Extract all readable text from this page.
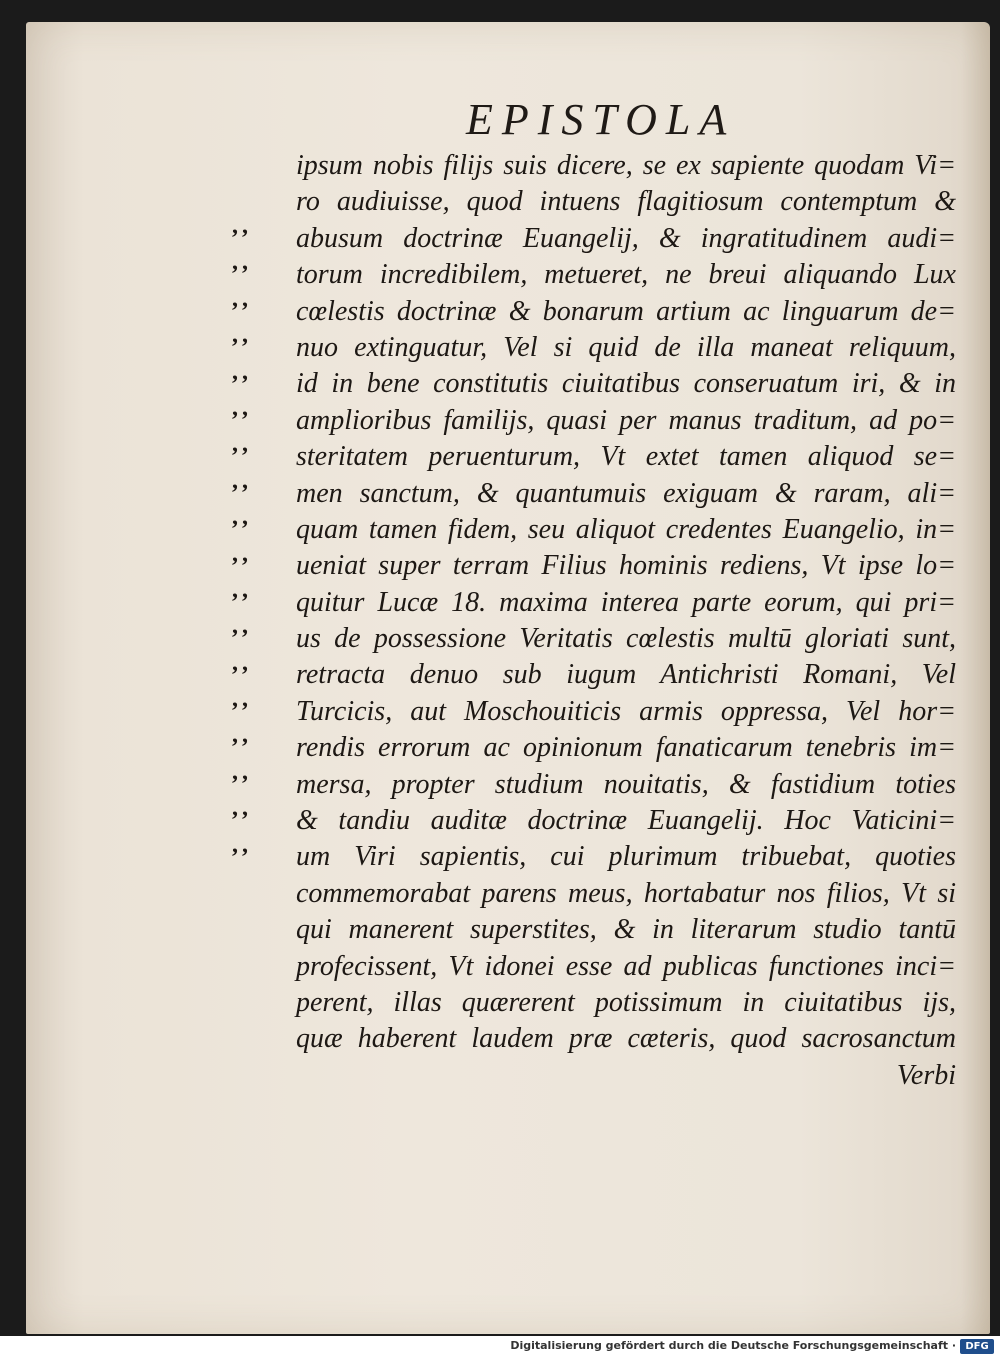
EPISTOLA
,,
,,
,,
,,
,,
,,
,,
,,
,,
,,
,,
,,
,,
,,
,,
,,
,,
,,
ipsum nobis filijs suis dicere, se ex sapiente quodam Vi=
ro audiuisse, quod intuens flagitiosum contemptum &
abusum doctrinæ Euangelij, & ingratitudinem audi=
torum incredibilem, metueret, ne breui aliquando Lux
cœlestis doctrinæ & bonarum artium ac linguarum de=
nuo extinguatur, Vel si quid de illa maneat reliquum,
id in bene constitutis ciuitatibus conseruatum iri, & in
amplioribus familijs, quasi per manus traditum, ad po=
steritatem peruenturum, Vt extet tamen aliquod se=
men sanctum, & quantumuis exiguam & raram, ali=
quam tamen fidem, seu aliquot credentes Euangelio, in=
ueniat super terram Filius hominis rediens, Vt ipse lo=
quitur Lucæ 18. maxima interea parte eorum, qui pri=
us de possessione Veritatis cœlestis multū gloriati sunt,
retracta denuo sub iugum Antichristi Romani, Vel
Turcicis, aut Moschouiticis armis oppressa, Vel hor=
rendis errorum ac opinionum fanaticarum tenebris im=
mersa, propter studium nouitatis, & fastidium toties
& tandiu auditæ doctrinæ Euangelij. Hoc Vaticini=
um Viri sapientis, cui plurimum tribuebat, quoties
commemorabat parens meus, hortabatur nos filios, Vt si
qui manerent superstites, & in literarum studio tantū
profecissent, Vt idonei esse ad publicas functiones inci=
perent, illas quærerent potissimum in ciuitatibus ijs,
quæ haberent laudem præ cæteris, quod sacrosanctum
Verbi
Digitalisierung gefördert durch die Deutsche Forschungsgemeinschaft · DFG
